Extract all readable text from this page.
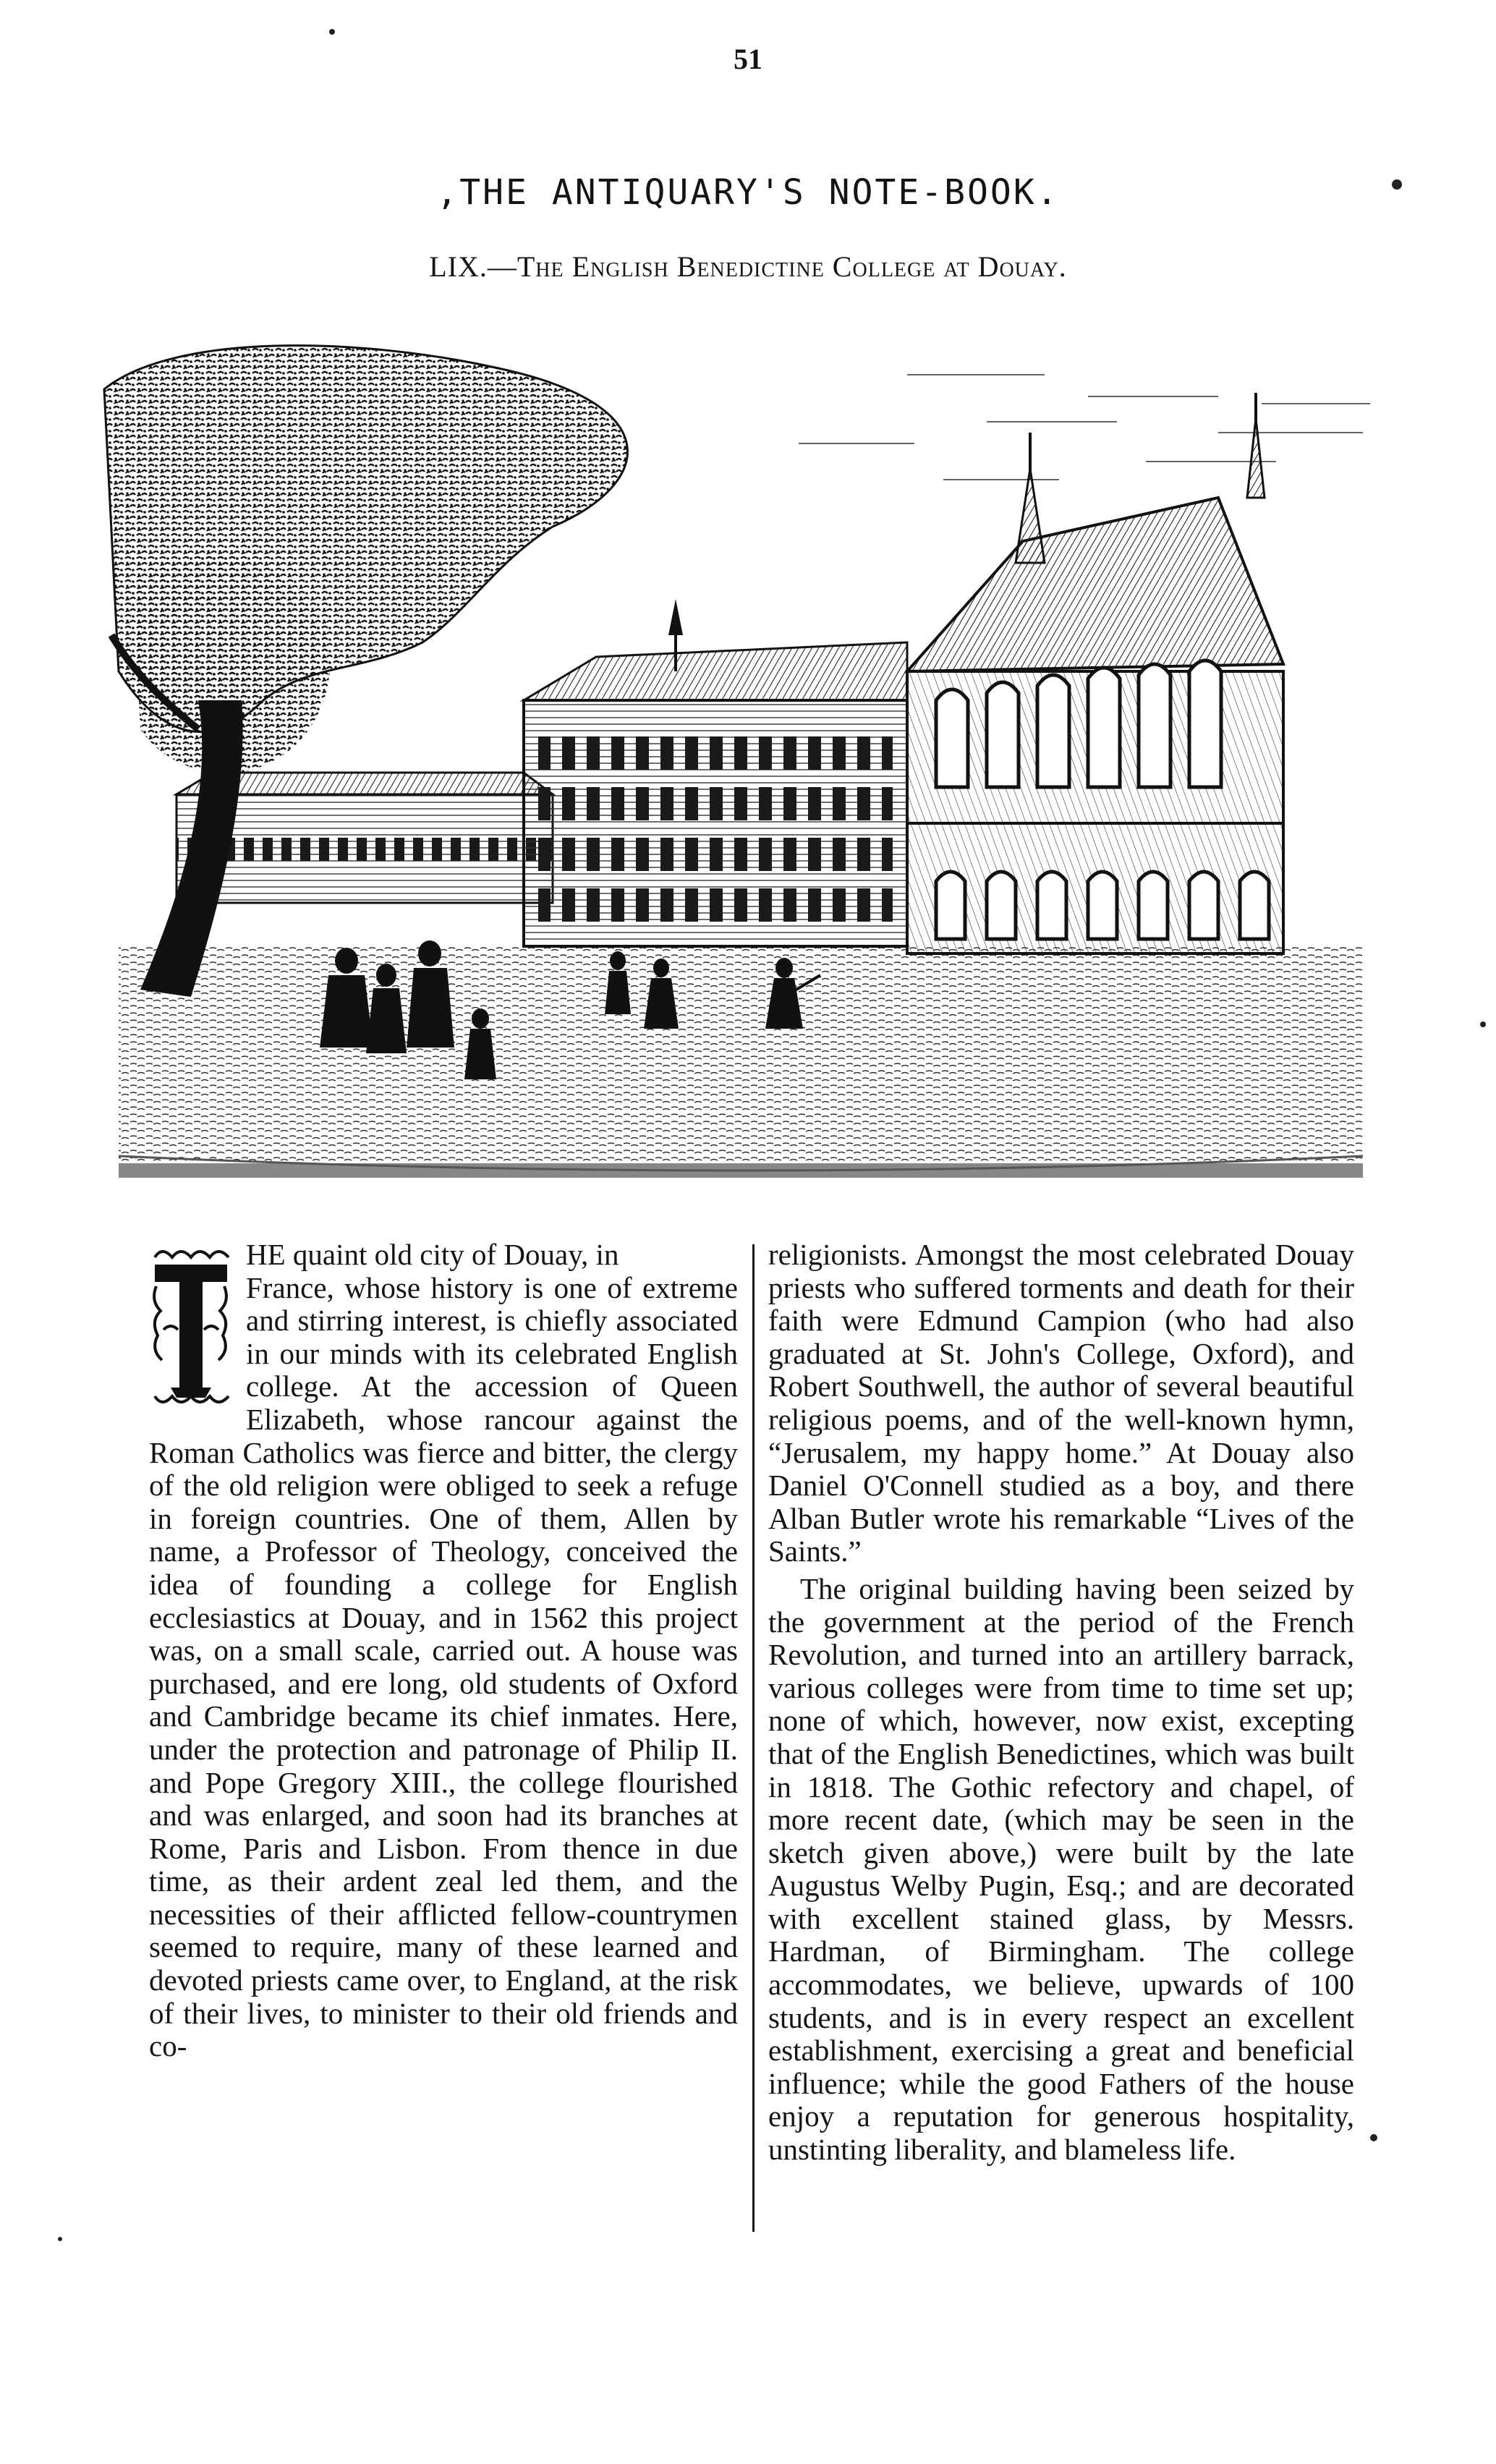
51
,THE ANTIQUARY'S NOTE-BOOK.
LIX.—The English Benedictine College at Douay.

HE quaint old city of Douay, in

France, whose history is one of extreme and stirring interest, is chiefly associated in our minds with its celebrated English college. At the accession of Queen Elizabeth, whose rancour against the Roman Catholics was fierce and bitter, the clergy of the old religion were obliged to seek a refuge in foreign countries. One of them, Allen by name, a Professor of Theology, conceived the idea of founding a college for English ecclesiastics at Douay, and in 1562 this project was, on a small scale, carried out. A house was purchased, and ere long, old students of Oxford and Cambridge became its chief inmates. Here, under the protection and patronage of Philip II. and Pope Gregory XIII., the college flourished and was enlarged, and soon had its branches at Rome, Paris and Lisbon. From thence in due time, as their ardent zeal led them, and the necessities of their afflicted fellow-countrymen seemed to require, many of these learned and devoted priests came over, to England, at the risk of their lives, to minister to their old friends and co-

religionists. Amongst the most celebrated Douay priests who suffered torments and death for their faith were Edmund Campion (who had also graduated at St. John's College, Oxford), and Robert Southwell, the author of several beautiful religious poems, and of the well-known hymn, “Jerusalem, my happy home.” At Douay also Daniel O'Connell studied as a boy, and there Alban Butler wrote his remarkable “Lives of the Saints.”

The original building having been seized by the government at the period of the French Revolution, and turned into an artillery barrack, various colleges were from time to time set up; none of which, however, now exist, excepting that of the English Benedictines, which was built in 1818. The Gothic refectory and chapel, of more recent date, (which may be seen in the sketch given above,) were built by the late Augustus Welby Pugin, Esq.; and are decorated with excellent stained glass, by Messrs. Hardman, of Birmingham. The college accommodates, we believe, upwards of 100 students, and is in every respect an excellent establishment, exercising a great and beneficial influence; while the good Fathers of the house enjoy a reputation for generous hospitality, unstinting liberality, and blameless life.
